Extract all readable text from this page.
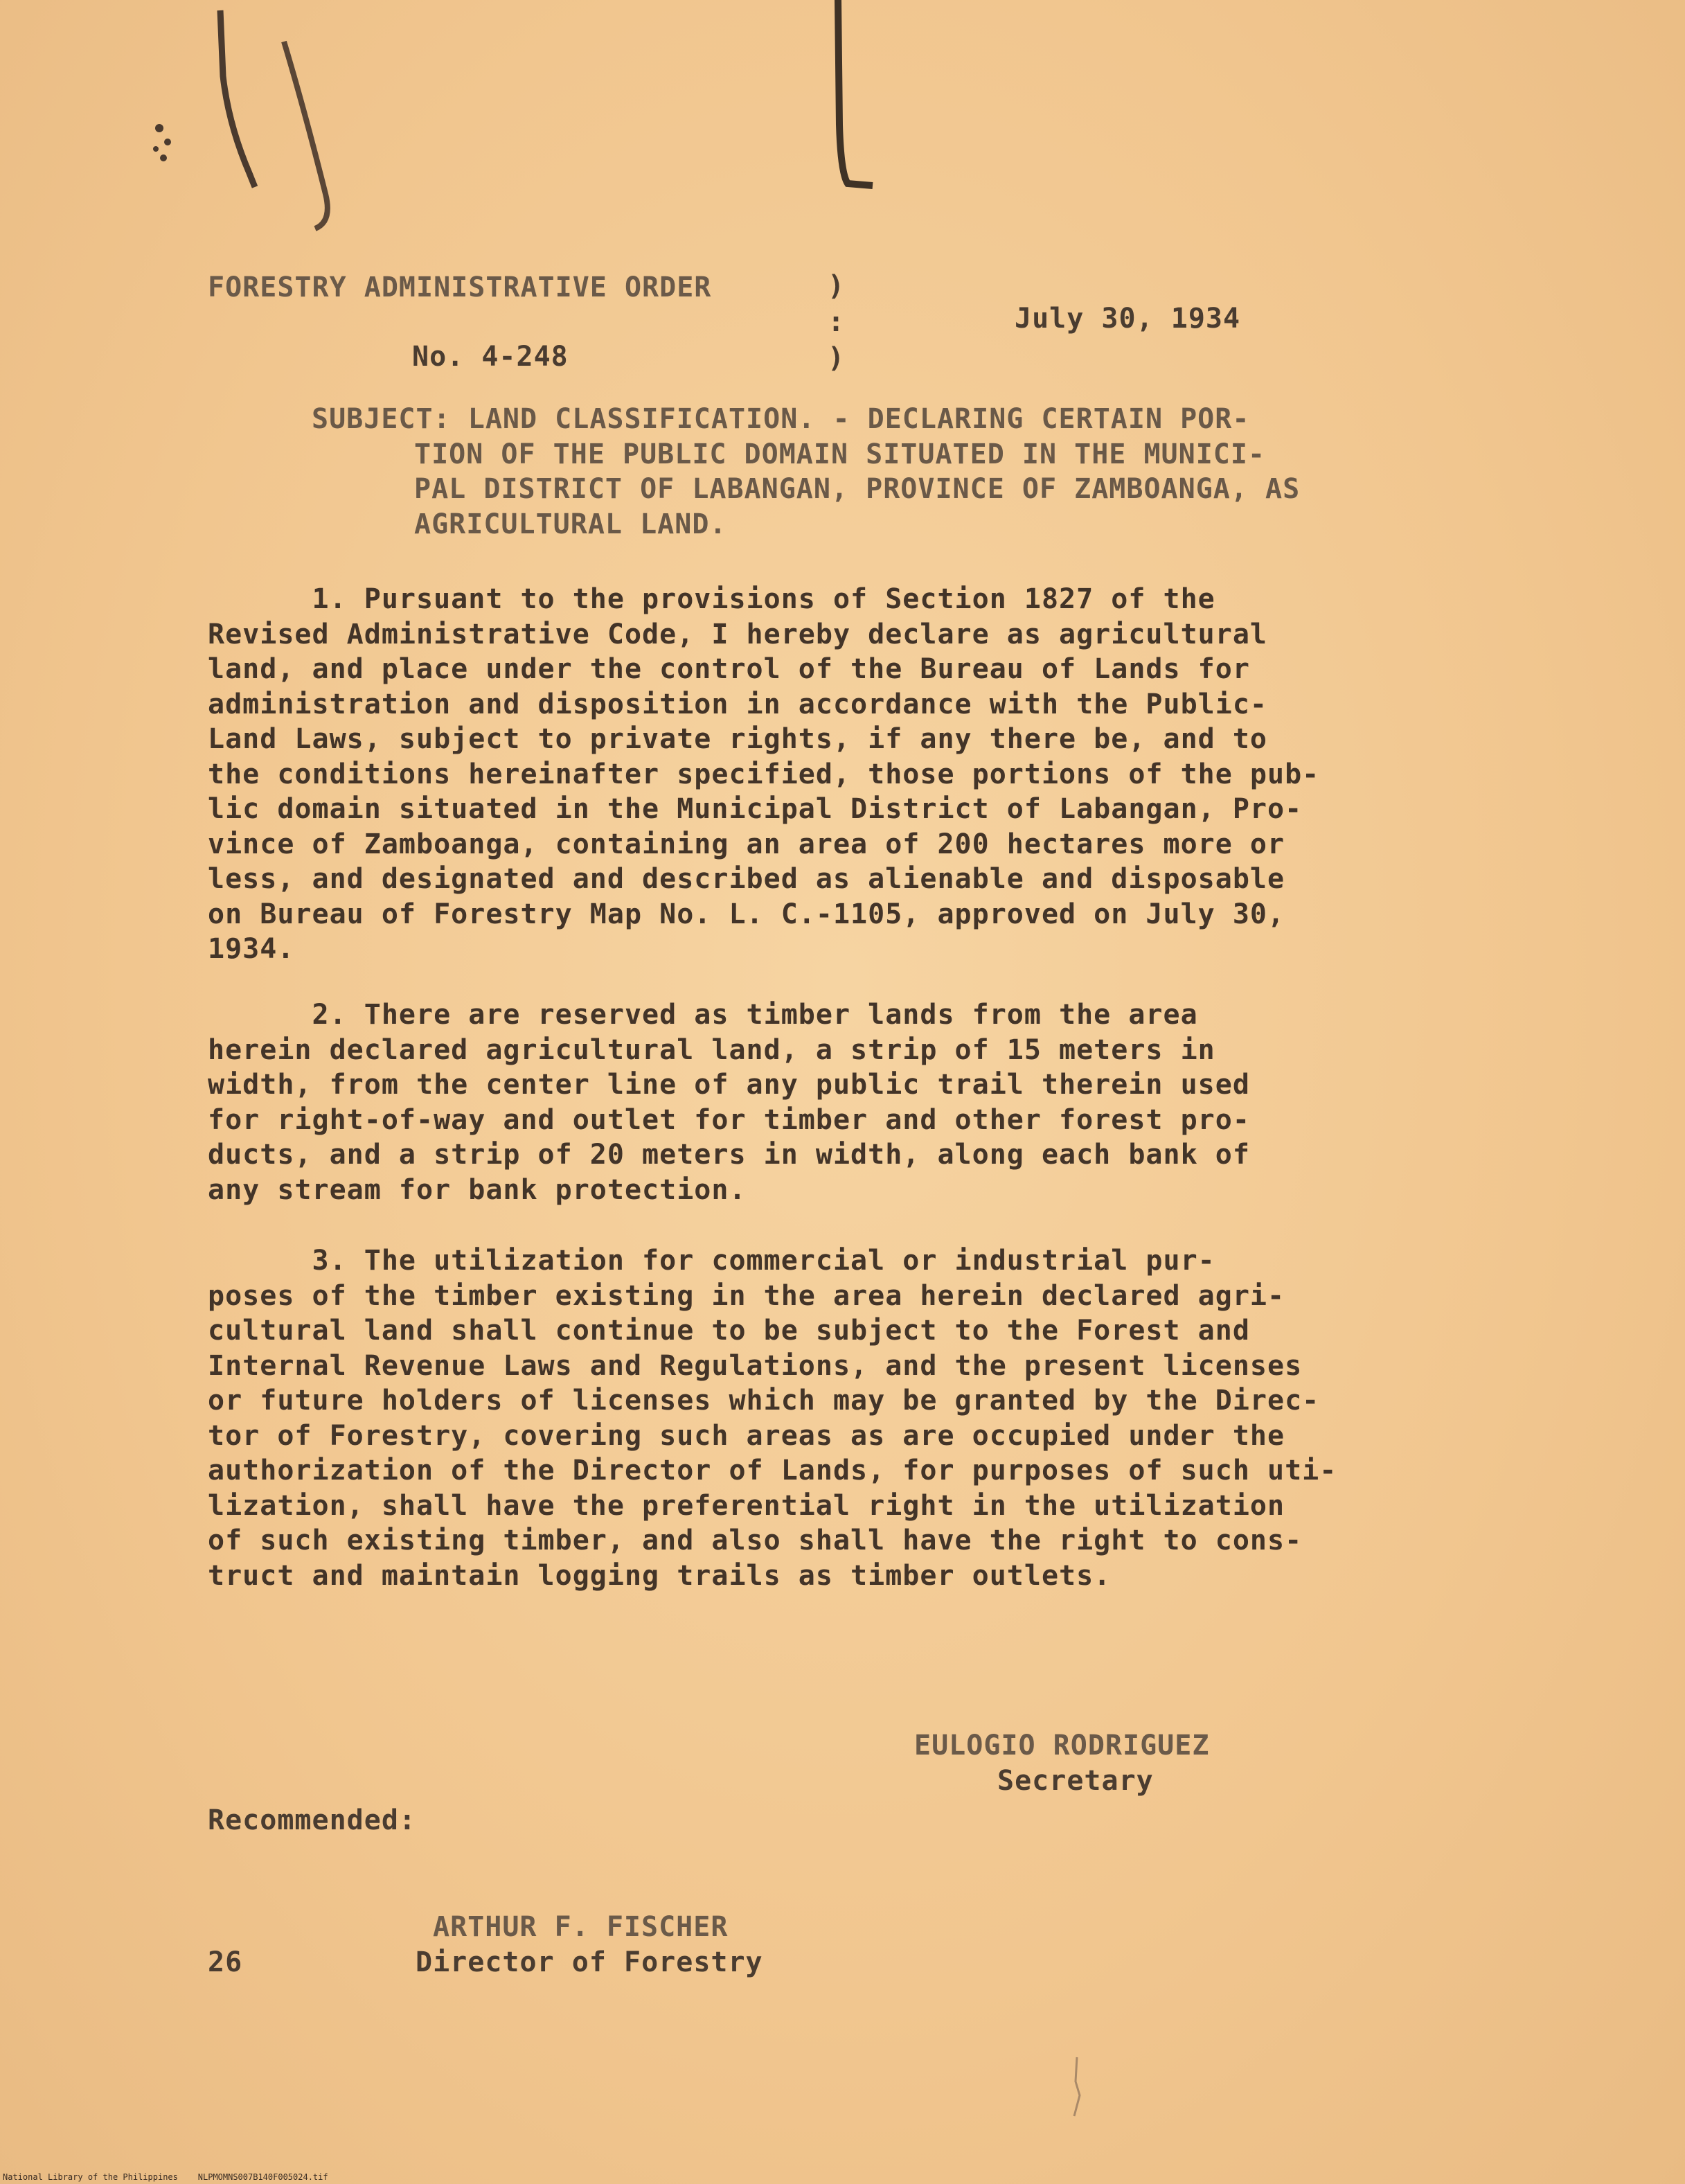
FORESTRY ADMINISTRATIVE ORDER	)
:
)
July 30, 1934
No. 4-248
SUBJECT: LAND CLASSIFICATION. - DECLARING CERTAIN POR-
TION OF THE PUBLIC DOMAIN SITUATED IN THE MUNICI-
PAL DISTRICT OF LABANGAN, PROVINCE OF ZAMBOANGA, AS
AGRICULTURAL LAND.
1. Pursuant to the provisions of Section 1827 of the
Revised Administrative Code, I hereby declare as agricultural
land, and place under the control of the Bureau of Lands for
administration and disposition in accordance with the Public-
Land Laws, subject to private rights, if any there be, and to
the conditions hereinafter specified, those portions of the pub-
lic domain situated in the Municipal District of Labangan, Pro-
vince of Zamboanga, containing an area of 200 hectares more or
less, and designated and described as alienable and disposable
on Bureau of Forestry Map No. L. C.-1105, approved on July 30,
1934.
2. There are reserved as timber lands from the area
herein declared agricultural land, a strip of 15 meters in
width, from the center line of any public trail therein used
for right-of-way and outlet for timber and other forest pro-
ducts, and a strip of 20 meters in width, along each bank of
any stream for bank protection.
3. The utilization for commercial or industrial pur-
poses of the timber existing in the area herein declared agri-
cultural land shall continue to be subject to the Forest and
Internal Revenue Laws and Regulations, and the present licenses
or future holders of licenses which may be granted by the Direc-
tor of Forestry, covering such areas as are occupied under the
authorization of the Director of Lands, for purposes of such uti-
lization, shall have the preferential right in the utilization
of such existing timber, and also shall have the right to cons-
truct and maintain logging trails as timber outlets.
EULOGIO RODRIGUEZ
Secretary
Recommended:
ARTHUR F. FISCHER
26	Director of Forestry
National Library of the Philippines    NLPMOMNS007B140F005024.tif
